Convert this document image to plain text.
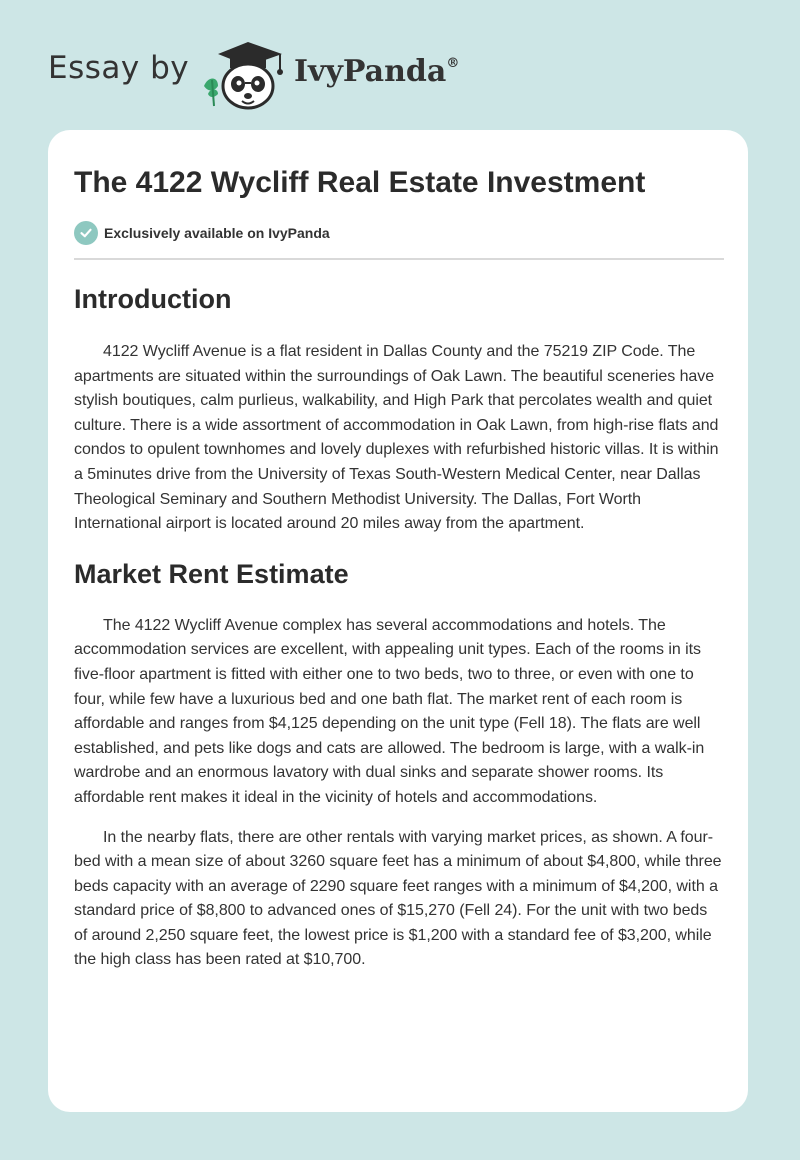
Essay by	IvyPanda®
The 4122 Wycliff Real Estate Investment
Exclusively available on IvyPanda
Introduction

4122 Wycliff Avenue is a flat resident in Dallas County and the 75219 ZIP Code. The apartments are situated within the surroundings of Oak Lawn. The beautiful sceneries have stylish boutiques, calm purlieus, walkability, and High Park that percolates wealth and quiet culture. There is a wide assortment of accommodation in Oak Lawn, from high-rise flats and condos to opulent townhomes and lovely duplexes with refurbished historic villas. It is within a 5minutes drive from the University of Texas South-Western Medical Center, near Dallas Theological Seminary and Southern Methodist University. The Dallas, Fort Worth International airport is located around 20 miles away from the apartment.

Market Rent Estimate

The 4122 Wycliff Avenue complex has several accommodations and hotels. The accommodation services are excellent, with appealing unit types. Each of the rooms in its five-floor apartment is fitted with either one to two beds, two to three, or even with one to four, while few have a luxurious bed and one bath flat. The market rent of each room is affordable and ranges from $4,125 depending on the unit type (Fell 18). The flats are well established, and pets like dogs and cats are allowed. The bedroom is large, with a walk-in wardrobe and an enormous lavatory with dual sinks and separate shower rooms. Its affordable rent makes it ideal in the vicinity of hotels and accommodations.

In the nearby flats, there are other rentals with varying market prices, as shown. A four-bed with a mean size of about 3260 square feet has a minimum of about $4,800, while three beds capacity with an average of 2290 square feet ranges with a minimum of $4,200, with a standard price of $8,800 to advanced ones of $15,270 (Fell 24). For the unit with two beds of around 2,250 square feet, the lowest price is $1,200 with a standard fee of $3,200, while the high class has been rated at $10,700.
